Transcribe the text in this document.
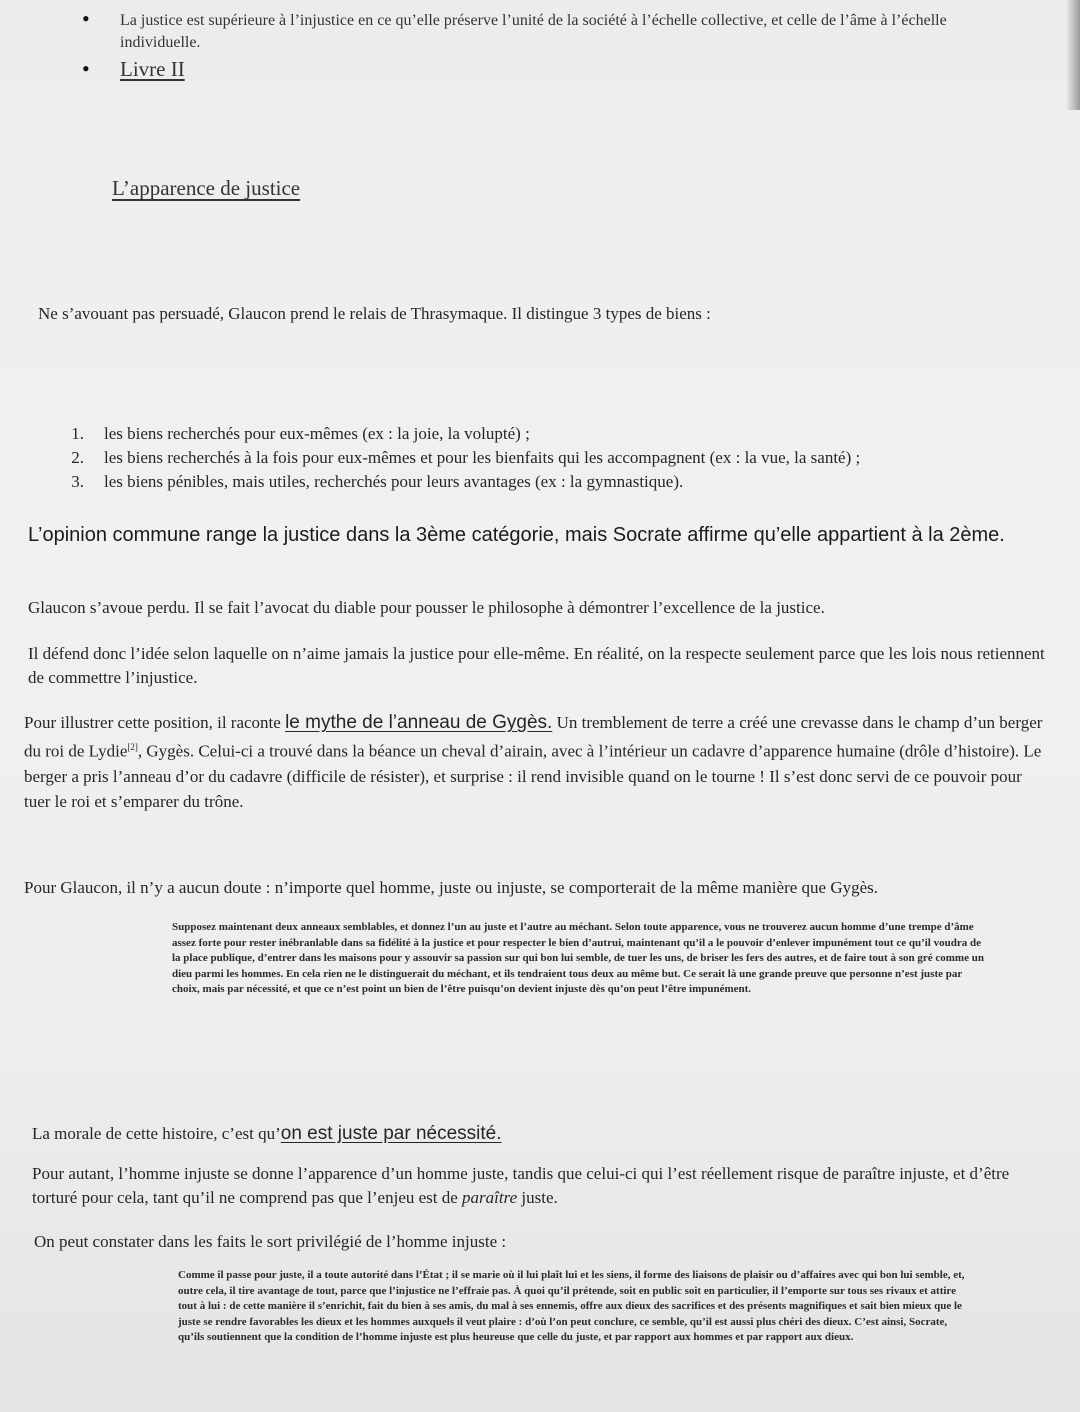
• La justice est supérieure à l’injustice en ce qu’elle préserve l’unité de la société à l’échelle collective, et celle de l’âme à l’échelle individuelle.
• Livre II
L’apparence de justice
Ne s’avouant pas persuadé, Glaucon prend le relais de Thrasymaque. Il distingue 3 types de biens :
1. les biens recherchés pour eux-mêmes (ex : la joie, la volupté) ;
2. les biens recherchés à la fois pour eux-mêmes et pour les bienfaits qui les accompagnent (ex : la vue, la santé) ;
3. les biens pénibles, mais utiles, recherchés pour leurs avantages (ex : la gymnastique).
L’opinion commune range la justice dans la 3ème catégorie, mais Socrate affirme qu’elle appartient à la 2ème.
Glaucon s’avoue perdu. Il se fait l’avocat du diable pour pousser le philosophe à démontrer l’excellence de la justice.
Il défend donc l’idée selon laquelle on n’aime jamais la justice pour elle-même. En réalité, on la respecte seulement parce que les lois nous retiennent de commettre l’injustice.
Pour illustrer cette position, il raconte le mythe de l’anneau de Gygès. Un tremblement de terre a créé une crevasse dans le champ d’un berger du roi de Lydie[2], Gygès. Celui-ci a trouvé dans la béance un cheval d’airain, avec à l’intérieur un cadavre d’apparence humaine (drôle d’histoire). Le berger a pris l’anneau d’or du cadavre (difficile de résister), et surprise : il rend invisible quand on le tourne ! Il s’est donc servi de ce pouvoir pour tuer le roi et s’emparer du trône.
Pour Glaucon, il n’y a aucun doute : n’importe quel homme, juste ou injuste, se comporterait de la même manière que Gygès.
Supposez maintenant deux anneaux semblables, et donnez l’un au juste et l’autre au méchant. Selon toute apparence, vous ne trouverez aucun homme d’une trempe d’âme assez forte pour rester inébranlable dans sa fidélité à la justice et pour respecter le bien d’autrui, maintenant qu’il a le pouvoir d’enlever impunément tout ce qu’il voudra de la place publique, d’entrer dans les maisons pour y assouvir sa passion sur qui bon lui semble, de tuer les uns, de briser les fers des autres, et de faire tout à son gré comme un dieu parmi les hommes. En cela rien ne le distinguerait du méchant, et ils tendraient tous deux au même but. Ce serait là une grande preuve que personne n’est juste par choix, mais par nécessité, et que ce n’est point un bien de l’être puisqu’on devient injuste dès qu’on peut l’être impunément.
La morale de cette histoire, c’est qu’on est juste par nécessité.
Pour autant, l’homme injuste se donne l’apparence d’un homme juste, tandis que celui-ci qui l’est réellement risque de paraître injuste, et d’être torturé pour cela, tant qu’il ne comprend pas que l’enjeu est de paraître juste.
On peut constater dans les faits le sort privilégié de l’homme injuste :
Comme il passe pour juste, il a toute autorité dans l’État ; il se marie où il lui plaît lui et les siens, il forme des liaisons de plaisir ou d’affaires avec qui bon lui semble, et, outre cela, il tire avantage de tout, parce que l’injustice ne l’effraie pas. À quoi qu’il prétende, soit en public soit en particulier, il l’emporte sur tous ses rivaux et attire tout à lui : de cette manière il s’enrichit, fait du bien à ses amis, du mal à ses ennemis, offre aux dieux des sacrifices et des présents magnifiques et sait bien mieux que le juste se rendre favorables les dieux et les hommes auxquels il veut plaire : d’où l’on peut conclure, ce semble, qu’il est aussi plus chéri des dieux. C’est ainsi, Socrate, qu’ils soutiennent que la condition de l’homme injuste est plus heureuse que celle du juste, et par rapport aux hommes et par rapport aux dieux.
